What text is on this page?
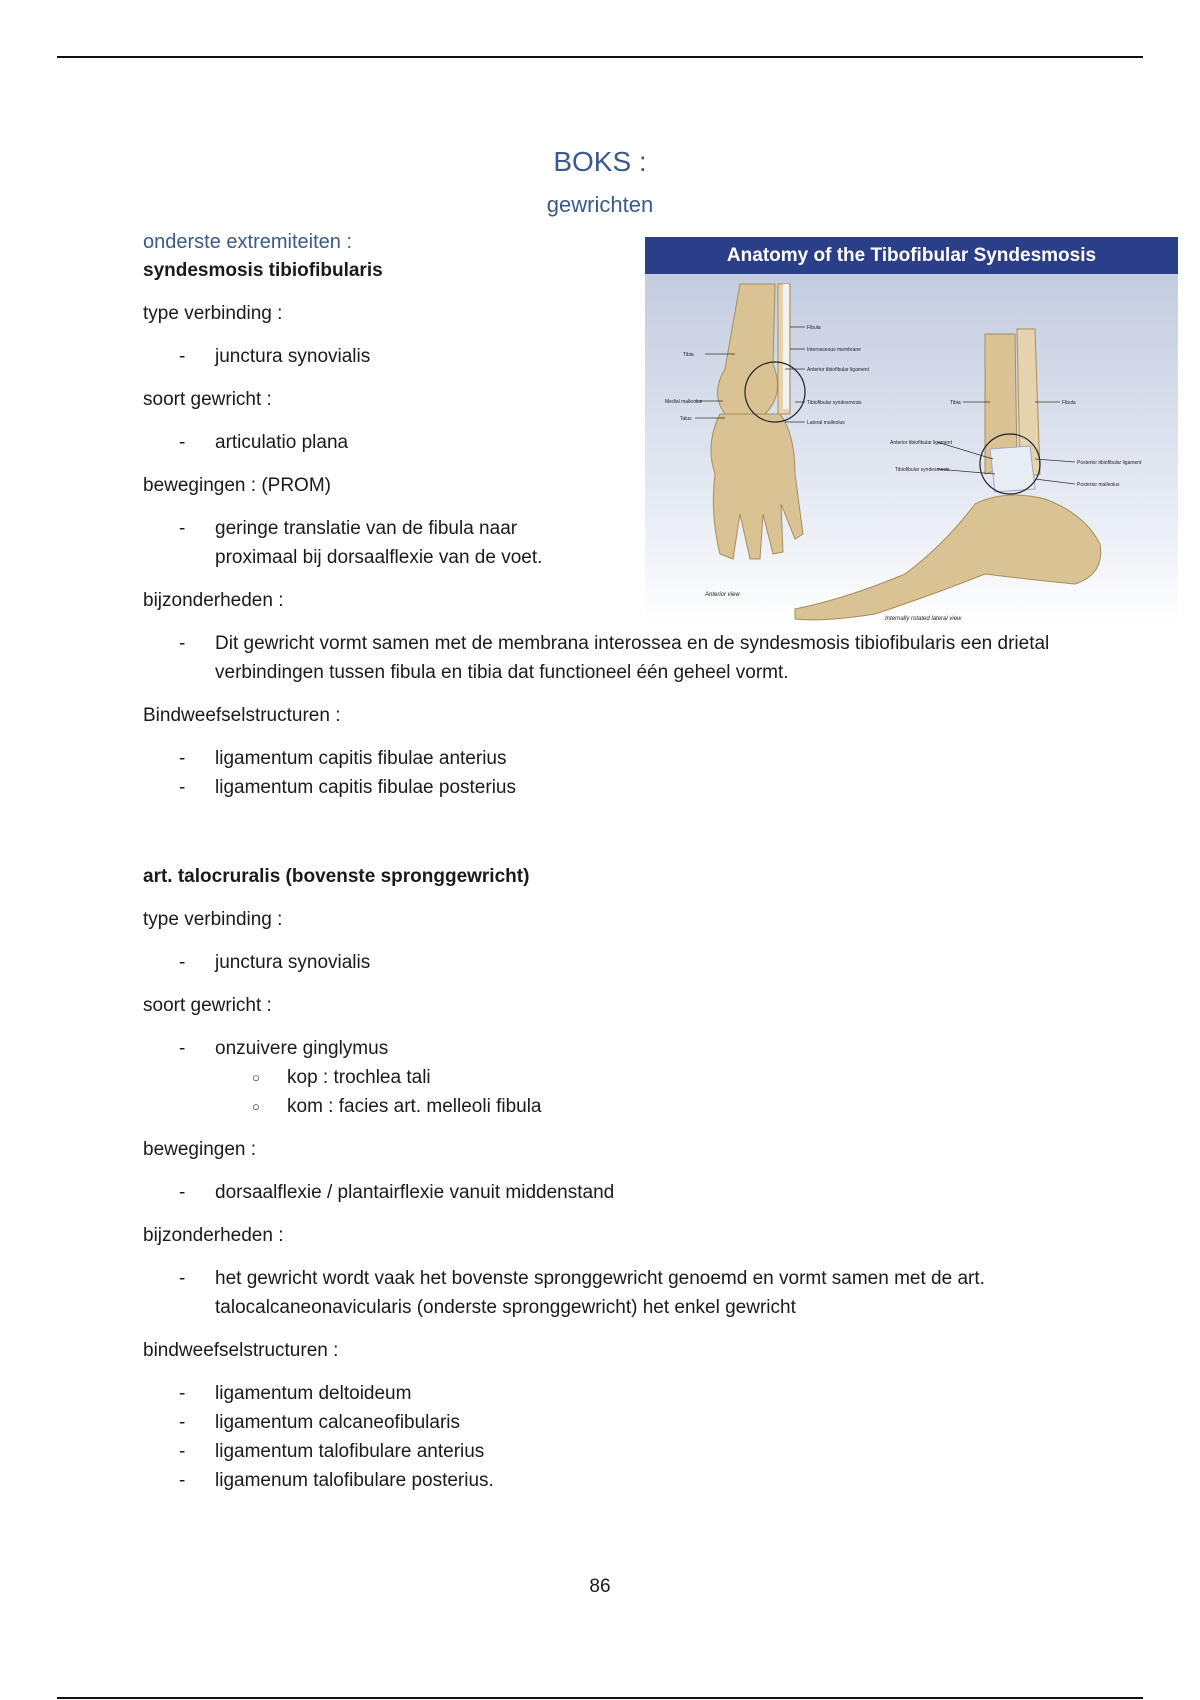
BOKS :
gewrichten
Anatomy of the Tibofibular Syndesmosis
Fibula
Interosseous membrane
Anterior tibiofibular ligament
Tibia
Medial malleolus
Talus
Tibiofibular syndesmosis
Lateral malleolus
Tibia	Fibula
Anterior tibiofibular ligament
Tibiofibular syndesmosis
Posterior tibiofibular ligament
Posterior malleolus
Anterior view
Internally rotated lateral view
onderste extremiteiten :
syndesmosis tibiofibularis
type verbinding :
- junctura synovialis
soort gewricht :
- articulatio plana
bewegingen : (PROM)
- geringe translatie van de fibula naar proximaal bij dorsaalflexie van de voet.
bijzonderheden :
- Dit gewricht vormt samen met de membrana interossea en de syndesmosis tibiofibularis een drietal verbindingen tussen fibula en tibia dat functioneel één geheel vormt.
Bindweefselstructuren :
- ligamentum capitis fibulae anterius
- ligamentum capitis fibulae posterius
art. talocruralis (bovenste spronggewricht)
type verbinding :
- junctura synovialis
soort gewricht :
- onzuivere ginglymus
○ kop : trochlea tali
○ kom : facies art. melleoli fibula
bewegingen :
- dorsaalflexie / plantairflexie vanuit middenstand
bijzonderheden :
- het gewricht wordt vaak het bovenste spronggewricht genoemd en vormt samen met de art. talocalcaneonavicularis (onderste spronggewricht) het enkel gewricht
bindweefselstructuren :
- ligamentum deltoideum
- ligamentum calcaneofibularis
- ligamentum talofibulare anterius
- ligamenum talofibulare posterius.
86
